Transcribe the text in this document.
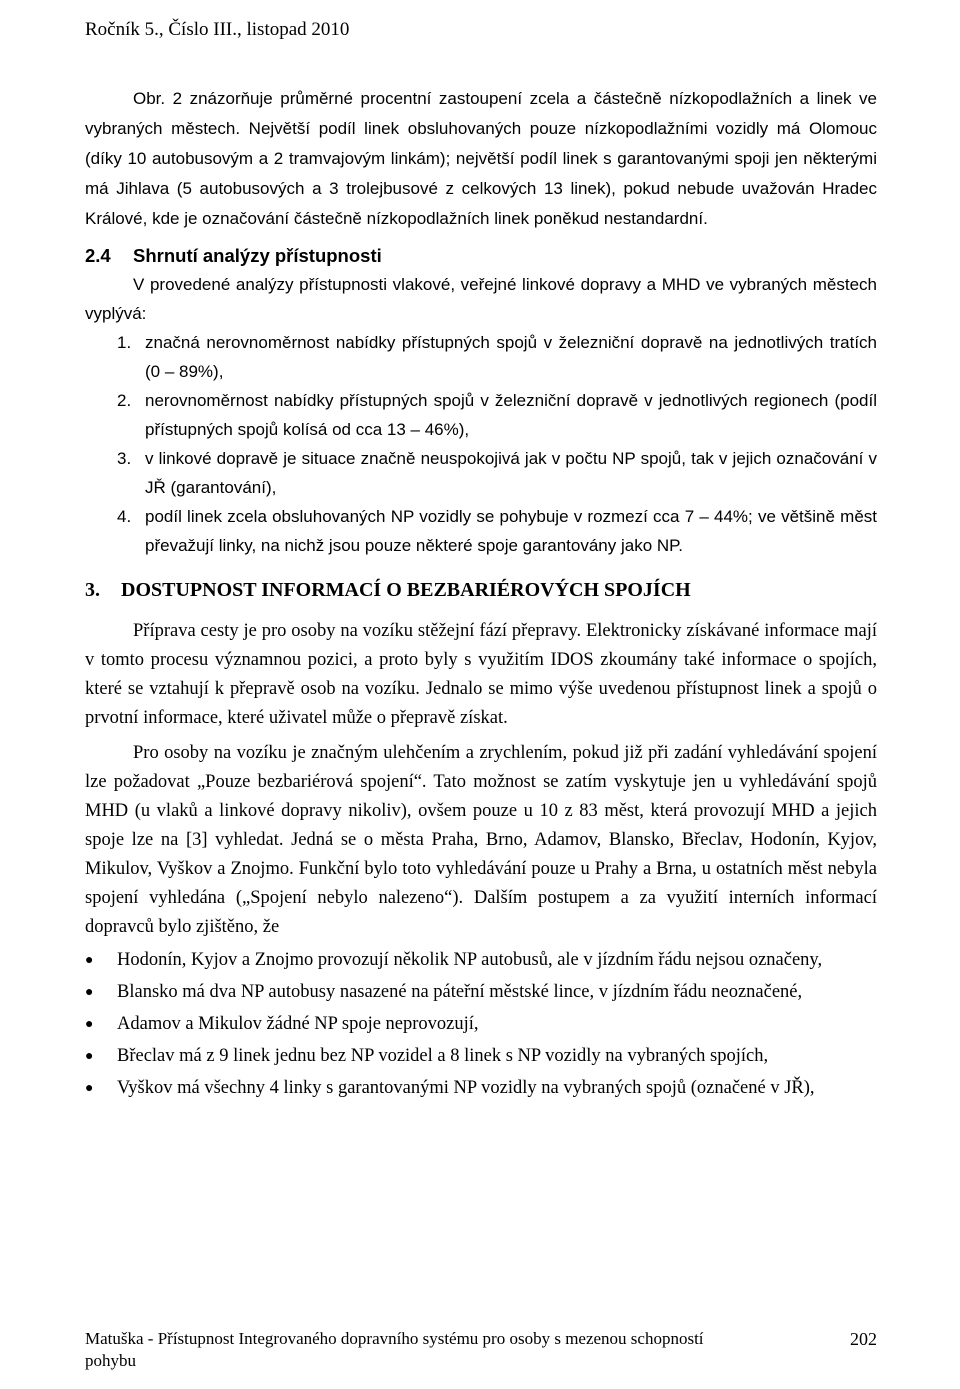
Ročník 5., Číslo III., listopad 2010

Obr. 2 znázorňuje průměrné procentní zastoupení zcela a částečně nízkopodlažních a linek ve vybraných městech. Největší podíl linek obsluhovaných pouze nízkopodlažními vozidly má Olomouc (díky 10 autobusovým a 2 tramvajovým linkám); největší podíl linek s garantovanými spoji jen některými má Jihlava (5 autobusových a 3 trolejbusové z celkových 13 linek), pokud nebude uvažován Hradec Králové, kde je označování částečně nízkopodlažních linek poněkud nestandardní.

2.4 Shrnutí analýzy přístupnosti

V provedené analýzy přístupnosti vlakové, veřejné linkové dopravy a MHD ve vybraných městech vyplývá:

1. značná nerovnoměrnost nabídky přístupných spojů v železniční dopravě na jednotlivých tratích (0 – 89%),
2. nerovnoměrnost nabídky přístupných spojů v železniční dopravě v jednotlivých regionech (podíl přístupných spojů kolísá od cca 13 – 46%),
3. v linkové dopravě je situace značně neuspokojivá jak v počtu NP spojů, tak v jejich označování v JŘ (garantování),
4. podíl linek zcela obsluhovaných NP vozidly se pohybuje v rozmezí cca 7 – 44%; ve většině měst převažují linky, na nichž jsou pouze některé spoje garantovány jako NP.
3. DOSTUPNOST INFORMACÍ O BEZBARIÉROVÝCH SPOJÍCH

Příprava cesty je pro osoby na vozíku stěžejní fází přepravy. Elektronicky získávané informace mají v tomto procesu významnou pozici, a proto byly s využitím IDOS zkoumány také informace o spojích, které se vztahují k přepravě osob na vozíku. Jednalo se mimo výše uvedenou přístupnost linek a spojů o prvotní informace, které uživatel může o přepravě získat.

Pro osoby na vozíku je značným ulehčením a zrychlením, pokud již při zadání vyhledávání spojení lze požadovat „Pouze bezbariérová spojení“. Tato možnost se zatím vyskytuje jen u vyhledávání spojů MHD (u vlaků a linkové dopravy nikoliv), ovšem pouze u 10 z 83 měst, která provozují MHD a jejich spoje lze na [3] vyhledat. Jedná se o města Praha, Brno, Adamov, Blansko, Břeclav, Hodonín, Kyjov, Mikulov, Vyškov a Znojmo. Funkční bylo toto vyhledávání pouze u Prahy a Brna, u ostatních měst nebyla spojení vyhledána („Spojení nebylo nalezeno“). Dalším postupem a za využití interních informací dopravců bylo zjištěno, že

●	Hodonín, Kyjov a Znojmo provozují několik NP autobusů, ale v jízdním řádu nejsou označeny,
●	Blansko má dva NP autobusy nasazené na páteřní městské lince, v jízdním řádu neoznačené,
●	Adamov a Mikulov žádné NP spoje neprovozují,
●	Břeclav má z 9 linek jednu bez NP vozidel a 8 linek s NP vozidly na vybraných spojích,
●	Vyškov má všechny 4 linky s garantovanými NP vozidly na vybraných spojů (označené v JŘ),
Matuška - Přístupnost Integrovaného dopravního systému pro osoby s mezenou schopností pohybu
202
